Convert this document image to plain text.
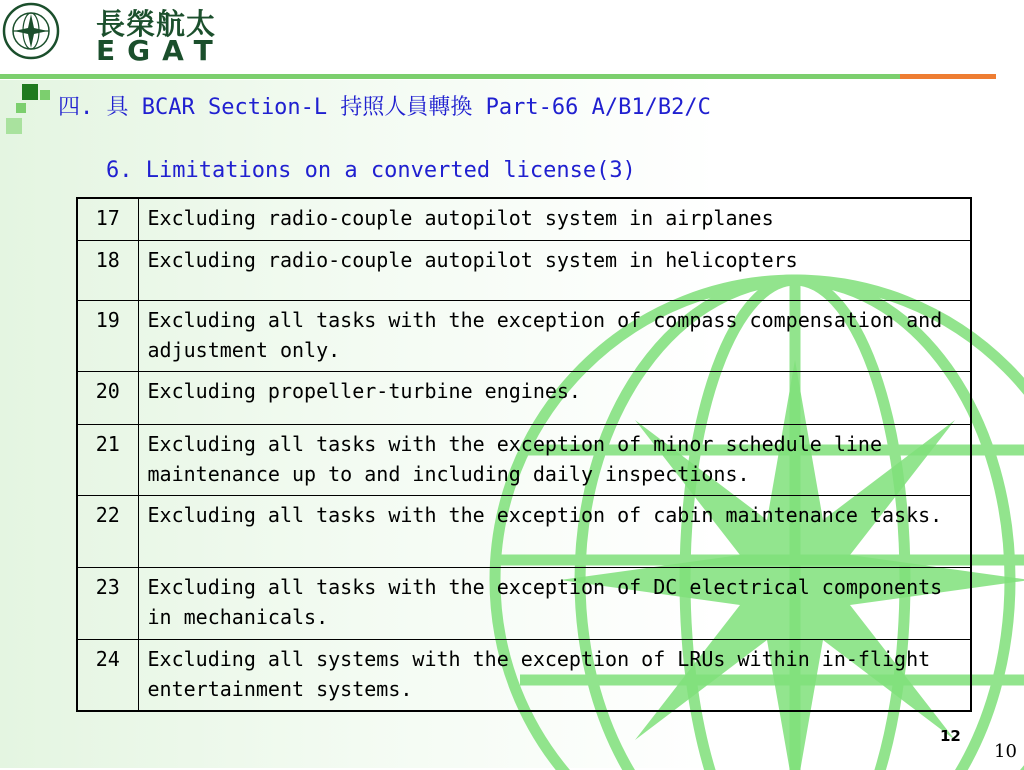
長榮航太
EGAT
四. 具 BCAR Section-L 持照人員轉換 Part-66 A/B1/B2/C
6. Limitations on a converted license(3)
17	Excluding radio-couple autopilot system in airplanes
18	Excluding radio-couple autopilot system in helicopters
19	Excluding all tasks with the exception of compass compensation and adjustment only.
20	Excluding propeller-turbine engines.
21	Excluding all tasks with the exception of minor schedule line maintenance up to and including daily inspections.
22	Excluding all tasks with the exception of cabin maintenance tasks.
23	Excluding all tasks with the exception of DC electrical components in mechanicals.
24	Excluding all systems with the exception of LRUs within in-flight entertainment systems.
12
10
